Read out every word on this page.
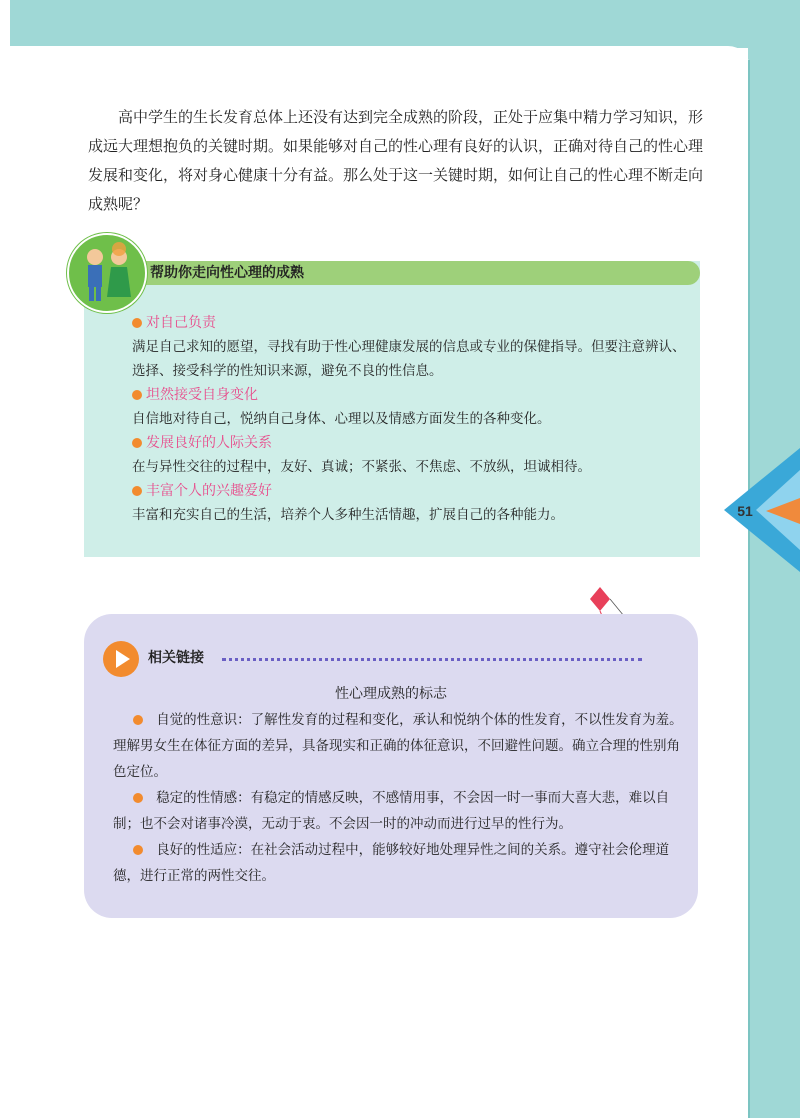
51

高中学生的生长发育总体上还没有达到完全成熟的阶段，正处于应集中精力学习知识，形成远大理想抱负的关键时期。如果能够对自己的性心理有良好的认识，正确对待自己的性心理发展和变化，将对身心健康十分有益。那么处于这一关键时期，如何让自己的性心理不断走向成熟呢？

帮助你走向性心理的成熟
对自己负责
满足自己求知的愿望，寻找有助于性心理健康发展的信息或专业的保健指导。但要注意辨认、选择、接受科学的性知识来源，避免不良的性信息。
坦然接受自身变化
自信地对待自己，悦纳自己身体、心理以及情感方面发生的各种变化。
发展良好的人际关系
在与异性交往的过程中，友好、真诚；不紧张、不焦虑、不放纵，坦诚相待。
丰富个人的兴趣爱好
丰富和充实自己的生活，培养个人多种生活情趣，扩展自己的各种能力。
相关链接
性心理成熟的标志
自觉的性意识：了解性发育的过程和变化，承认和悦纳个体的性发育，不以性发育为羞。理解男女生在体征方面的差异，具备现实和正确的体征意识，不回避性问题。确立合理的性别角色定位。
稳定的性情感：有稳定的情感反映，不感情用事，不会因一时一事而大喜大悲，难以自制；也不会对诸事冷漠，无动于衷。不会因一时的冲动而进行过早的性行为。
良好的性适应：在社会活动过程中，能够较好地处理异性之间的关系。遵守社会伦理道德，进行正常的两性交往。
